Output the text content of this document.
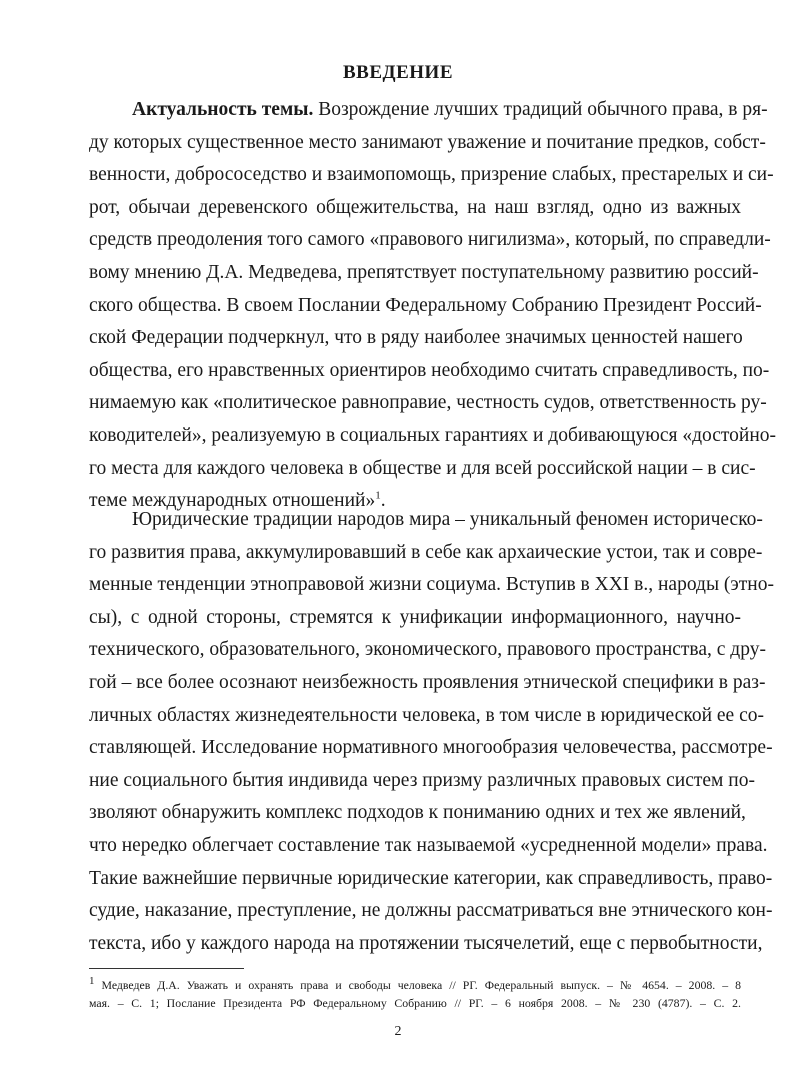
ВВЕДЕНИЕ
Актуальность темы. Возрождение лучших традиций обычного права, в ря-
ду которых существенное место занимают уважение и почитание предков, собст-
венности, добрососедство и взаимопомощь, призрение слабых, престарелых и си-
рот, обычаи деревенского общежительства, на наш взгляд, одно из важных
средств преодоления того самого «правового нигилизма», который, по справедли-
вому мнению Д.А. Медведева, препятствует поступательному развитию россий-
ского общества. В своем Послании Федеральному Собранию Президент Россий-
ской Федерации подчеркнул, что в ряду наиболее значимых ценностей нашего
общества, его нравственных ориентиров необходимо считать справедливость, по-
нимаемую как «политическое равноправие, честность судов, ответственность ру-
ководителей», реализуемую в социальных гарантиях и добивающуюся «достойно-
го места для каждого человека в обществе и для всей российской нации – в сис-
теме международных отношений»$^1$.
Юридические традиции народов мира – уникальный феномен историческо-
го развития права, аккумулировавший в себе как архаические устои, так и совре-
менные тенденции этноправовой жизни социума. Вступив в XXI в., народы (этно-
сы), с одной стороны, стремятся к унификации информационного, научно-
технического, образовательного, экономического, правового пространства, с дру-
гой – все более осознают неизбежность проявления этнической специфики в раз-
личных областях жизнедеятельности человека, в том числе в юридической ее со-
ставляющей. Исследование нормативного многообразия человечества, рассмотре-
ние социального бытия индивида через призму различных правовых систем по-
зволяют обнаружить комплекс подходов к пониманию одних и тех же явлений,
что нередко облегчает составление так называемой «усредненной модели» права.
Такие важнейшие первичные юридические категории, как справедливость, право-
судие, наказание, преступление, не должны рассматриваться вне этнического кон-
текста, ибо у каждого народа на протяжении тысячелетий, еще с первобытности,
$^1$ Медведев Д.А. Уважать и охранять права и свободы человека // РГ. Федеральный выпуск. – № 4654. – 2008. – 8
мая. – С. 1; Послание Президента РФ Федеральному Собранию // РГ. – 6 ноября 2008. – № 230 (4787). – С. 2.
2
